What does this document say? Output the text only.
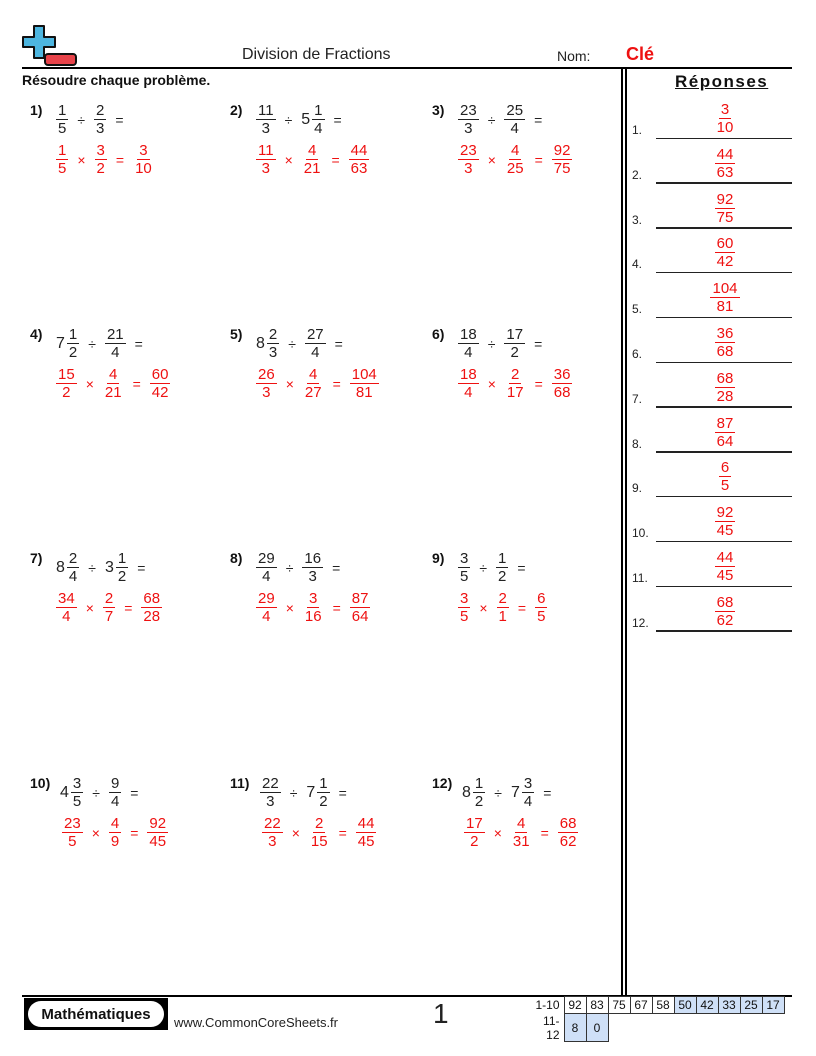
Division de Fractions	Nom: Clé
Résoudre chaque problème.	Réponses
$1) \frac{1}{5} \div \frac{2}{3}$ =
$\frac{1}{5} \times \frac{3}{2} = \frac{3}{10}$
$2) \frac{11}{3} \div 5 \frac{1}{4}$ =
$\frac{11}{3} \times \frac{4}{21} = \frac{44}{63}$
$3) \frac{23}{3} \div \frac{25}{4}$ =
$\frac{23}{3} \times \frac{4}{25} = \frac{92}{75}$
4)
$7 \frac{1}{2} \div \frac{21}{4}$ =
$\frac{15}{2} \times \frac{4}{21} = \frac{60}{42}$
5)
$8 \frac{2}{3} \div \frac{27}{4}$ =
$\frac{26}{3} \times \frac{4}{27} = \frac{104}{81}$
$6) \frac{18}{4} \div \frac{17}{2}$ =
$\frac{18}{4} \times \frac{2}{17} = \frac{36}{68}$
7)
$8 \frac{2}{4} \div 3 \frac{1}{2}$ =
$\frac{34}{4} \times \frac{2}{7} = \frac{68}{28}$
$8) \frac{29}{4} \div \frac{16}{3}$ =
$\frac{29}{4} \times \frac{3}{16} = \frac{87}{64}$
$9) \frac{3}{5} \div \frac{1}{2}$ =
$\frac{3}{5} \times \frac{2}{1} = \frac{6}{5}$
10)
$4 \frac{3}{5} \div \frac{9}{4}$ =
$\frac{23}{5} \times \frac{4}{9} = \frac{92}{45}$
$11) \frac{22}{3} \div 7 \frac{1}{2}$ =
$\frac{22}{3} \times \frac{2}{15} = \frac{44}{45}$
12)
$8 \frac{1}{2} \div 7 \frac{3}{4}$ =
$\frac{17}{2} \times \frac{4}{31} = \frac{68}{62}$
1.	$\frac{3}{10}$
2.	$\frac{44}{63}$
3.	$\frac{92}{75}$
4.	$\frac{60}{42}$
5.	$\frac{104}{81}$
6.	$\frac{36}{68}$
7.	$\frac{68}{28}$
8.	$\frac{87}{64}$
9.	$\frac{6}{5}$
10.	$\frac{92}{45}$
11.	$\frac{44}{45}$
12.	$\frac{68}{62}$
Mathématiques	www.CommonCoreSheets.fr	1	1-10	92	83	75	67	58	50	42	33	25	17
11-12	8	0								
